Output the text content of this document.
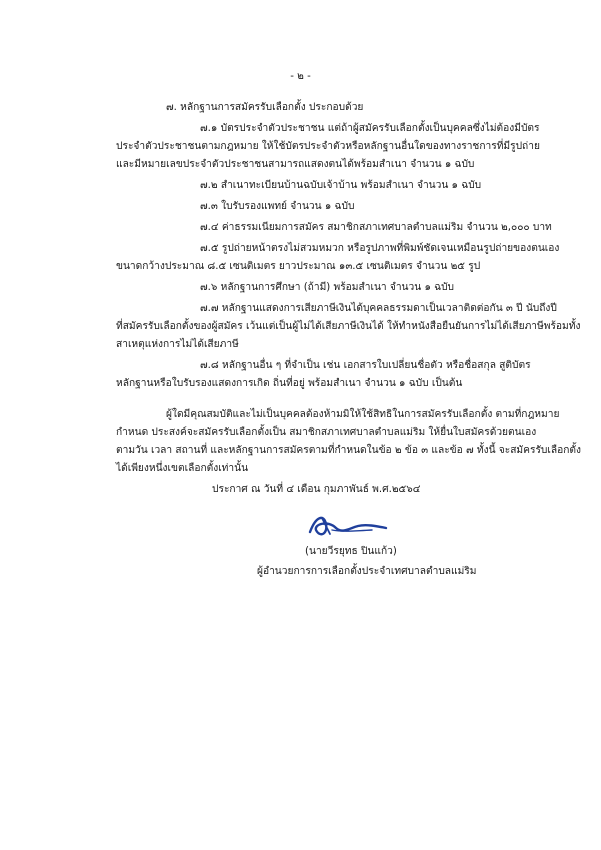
- ๒ -
๗. หลักฐานการสมัครรับเลือกตั้ง ประกอบด้วย
๗.๑ บัตรประจำตัวประชาชน แต่ถ้าผู้สมัครรับเลือกตั้งเป็นบุคคลซึ่งไม่ต้องมีบัตร
ประจำตัวประชาชนตามกฎหมาย ให้ใช้บัตรประจำตัวหรือหลักฐานอื่นใดของทางราชการที่มีรูปถ่าย
และมีหมายเลขประจำตัวประชาชนสามารถแสดงตนได้พร้อมสำเนา จำนวน ๑ ฉบับ
๗.๒ สำเนาทะเบียนบ้านฉบับเจ้าบ้าน พร้อมสำเนา จำนวน ๑ ฉบับ
๗.๓ ใบรับรองแพทย์ จำนวน ๑ ฉบับ
๗.๔ ค่าธรรมเนียมการสมัคร สมาชิกสภาเทศบาลตำบลแม่ริม จำนวน ๒,๐๐๐ บาท
๗.๕ รูปถ่ายหน้าตรงไม่สวมหมวก หรือรูปภาพที่พิมพ์ชัดเจนเหมือนรูปถ่ายของตนเอง
ขนาดกว้างประมาณ ๘.๕ เซนติเมตร ยาวประมาณ ๑๓.๕ เซนติเมตร จำนวน ๒๕ รูป
๗.๖ หลักฐานการศึกษา (ถ้ามี) พร้อมสำเนา จำนวน ๑ ฉบับ
๗.๗ หลักฐานแสดงการเสียภาษีเงินได้บุคคลธรรมดาเป็นเวลาติดต่อกัน ๓ ปี นับถึงปี
ที่สมัครรับเลือกตั้งของผู้สมัคร เว้นแต่เป็นผู้ไม่ได้เสียภาษีเงินได้ ให้ทำหนังสือยืนยันการไม่ได้เสียภาษีพร้อมทั้ง
สาเหตุแห่งการไม่ได้เสียภาษี
๗.๘ หลักฐานอื่น ๆ ที่จำเป็น เช่น เอกสารใบเปลี่ยนชื่อตัว หรือชื่อสกุล สูติบัตร
หลักฐานหรือใบรับรองแสดงการเกิด ถิ่นที่อยู่ พร้อมสำเนา จำนวน ๑ ฉบับ เป็นต้น
ผู้ใดมีคุณสมบัติและไม่เป็นบุคคลต้องห้ามมิให้ใช้สิทธิในการสมัครรับเลือกตั้ง ตามที่กฎหมาย
กำหนด ประสงค์จะสมัครรับเลือกตั้งเป็น สมาชิกสภาเทศบาลตำบลแม่ริม ให้ยื่นใบสมัครด้วยตนเอง
ตามวัน เวลา สถานที่ และหลักฐานการสมัครตามที่กำหนดในข้อ ๒ ข้อ ๓ และข้อ ๗ ทั้งนี้ จะสมัครรับเลือกตั้ง
ได้เพียงหนึ่งเขตเลือกตั้งเท่านั้น
ประกาศ ณ วันที่ ๔ เดือน กุมภาพันธ์ พ.ศ.๒๕๖๔
(นายวีรยุทธ ปินแก้ว)
ผู้อำนวยการการเลือกตั้งประจำเทศบาลตำบลแม่ริม
